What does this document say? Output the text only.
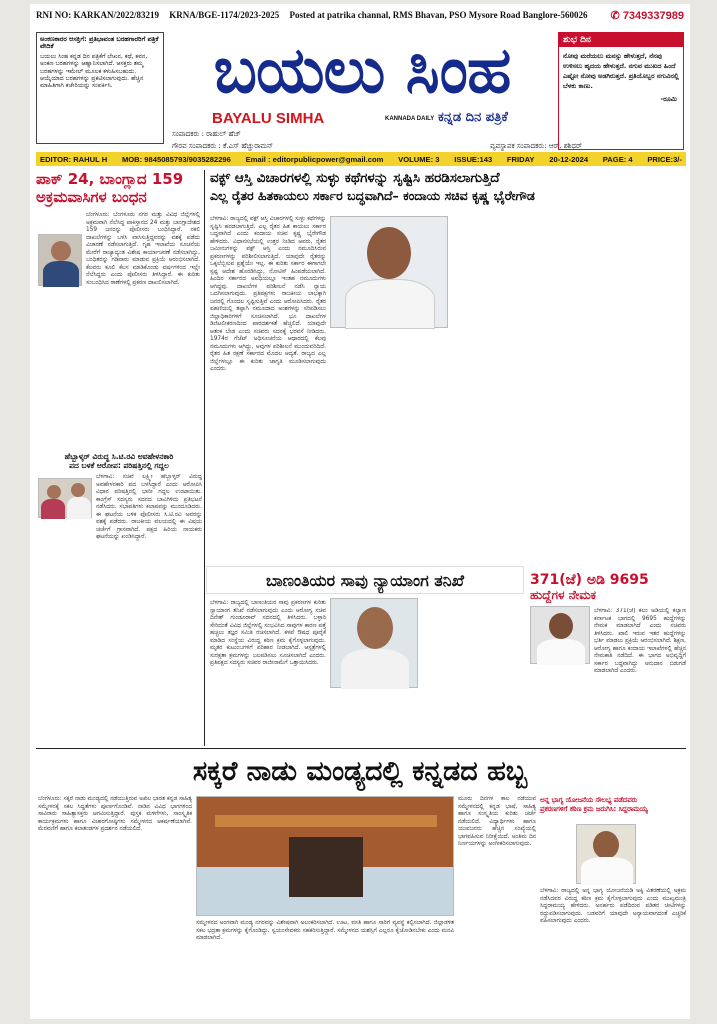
RNI NO: KARKAN/2022/83219 KRNA/BGE-1174/2023-2025 Posted at patrika channal, RMS Bhavan, PSO Mysore Road Banglore-560026	✆ 7349337989
ಅಂಕಣಕಾರರ ಆಸಕ್ತಿಗೆ: ಪ್ರತಿಭಾವಂತ ಬರಹಗಾರರಿಗೆ ಪತ್ರಿಕೆ ವೇದಿಕೆ
ಬಯಲು ಸಿಂಹ ಕನ್ನಡ ದಿನ ಪತ್ರಿಕೆಗೆ ಲೇಖನ, ಕಥೆ, ಕವನ, ಅಂಕಣ ಬರಹಗಳನ್ನು ಆಹ್ವಾನಿಸಲಾಗಿದೆ. ಆಸಕ್ತರು ತಮ್ಮ ಬರಹಗಳನ್ನು ಇಮೇಲ್ ಮೂಲಕ ಕಳುಹಿಸಬಹುದು. ಆಯ್ಕೆಯಾದ ಬರಹಗಳನ್ನು ಪ್ರಕಟಿಸಲಾಗುವುದು. ಹೆಚ್ಚಿನ ಮಾಹಿತಿಗಾಗಿ ಕಚೇರಿಯನ್ನು ಸಂಪರ್ಕಿಸಿ.	ಬಯಲು ಸಿಂಹ
BAYALU SIMHA	KANNADA DAILY ಕನ್ನಡ ದಿನ ಪತ್ರಿಕೆ
ಸಂಪಾದಕರು : ರಾಹುಲ್ ಹೆಚ್
ಗೌರವ ಸಂಪಾದಕರು : ಕೆ.ಎಸ್ ಹೆಚ್ಚುರಾಮನ್	ವ್ಯವಸ್ಥಾಪಕ ಸಂಪಾದಕರು: ಆರ್. ಶಶಿಧರ್
ಶುಭ ದಿನ
ನೋವು ಮರೆಯಲು ಮನಸ್ಸು ಹೇಳುತ್ತದೆ, ನೆನಪು ಉಳಿಸಲು ಹೃದಯ ಹೇಳುತ್ತದೆ. ನಗುವ ಮುಖದ ಹಿಂದೆ ಎಷ್ಟೋ ನೋವು ಅಡಗಿರುತ್ತದೆ. ಪ್ರತಿಯೊಬ್ಬರ ನಗುವಿನಲ್ಲಿ ಬೆಳಕು ಕಾಣು.
-ರೂಮಿ
EDITOR: RAHUL H MOB: 9845085793/9035282296 Email : editorpublicpower@gmail.com VOLUME: 3 ISSUE:143 FRIDAY 20-12-2024 PAGE: 4 PRICE:3/-
ಪಾಕ್ 24, ಬಾಂಗ್ಲಾದ 159
ಅಕ್ರಮವಾಸಿಗಳ ಬಂಧನ
ಬೆಂಗಳೂರು: ಬೆಂಗಳೂರು ನಗರ ಮತ್ತು ವಿವಿಧ ಜಿಲ್ಲೆಗಳಲ್ಲಿ ಅಕ್ರಮವಾಗಿ ನೆಲೆಸಿದ್ದ ಪಾಕಿಸ್ತಾನದ 24 ಮತ್ತು ಬಾಂಗ್ಲಾದೇಶದ 159 ಜನರನ್ನು ಪೊಲೀಸರು ಬಂಧಿಸಿದ್ದಾರೆ. ನಕಲಿ ದಾಖಲೆಗಳನ್ನು ಬಳಸಿ ವಾಸಿಸುತ್ತಿದ್ದವರನ್ನು ವಶಕ್ಕೆ ಪಡೆದು ವಿಚಾರಣೆ ನಡೆಸಲಾಗುತ್ತಿದೆ. ಗೃಹ ಇಲಾಖೆಯ ಸೂಚನೆಯ ಮೇರೆಗೆ ರಾಜ್ಯಾದ್ಯಂತ ವಿಶೇಷ ಕಾರ್ಯಾಚರಣೆ ನಡೆಸಲಾಗಿದ್ದು, ಬಂಧಿತರನ್ನು ಗಡಿಪಾರು ಮಾಡುವ ಪ್ರಕ್ರಿಯೆ ಆರಂಭಿಸಲಾಗಿದೆ. ಕೆಲವರು ಕೂಲಿ ಕೆಲಸ ಮಾಡಿಕೊಂಡು ವರ್ಷಗಳಿಂದ ಇಲ್ಲೇ ನೆಲೆಸಿದ್ದರು ಎಂದು ಪೊಲೀಸರು ತಿಳಿಸಿದ್ದಾರೆ. ಈ ಕುರಿತು ಸಂಬಂಧಿಸಿದ ಠಾಣೆಗಳಲ್ಲಿ ಪ್ರಕರಣ ದಾಖಲಿಸಲಾಗಿದೆ.
ಹೆಬ್ಬಾಳ್ಕರ್ ವಿರುದ್ಧ ಸಿ.ಟಿ.ರವಿ ಅವಹೇಳನಕಾರಿ
ಪದ ಬಳಕೆ ಆರೋಪ: ಪರಿಷತ್ತಿನಲ್ಲಿ ಗದ್ದಲ
ಬೆಳಗಾವಿ: ಸಚಿವೆ ಲಕ್ಷ್ಮೀ ಹೆಬ್ಬಾಳ್ಕರ್ ವಿರುದ್ಧ ಅವಹೇಳನಕಾರಿ ಪದ ಬಳಸಿದ್ದಾರೆ ಎಂದು ಆರೋಪಿಸಿ ವಿಧಾನ ಪರಿಷತ್ತಿನಲ್ಲಿ ಭಾರೀ ಗದ್ದಲ ಉಂಟಾಯಿತು. ಕಾಂಗ್ರೆಸ್ ಸದಸ್ಯರು ಸದನದ ಬಾವಿಗಿಳಿದು ಪ್ರತಿಭಟನೆ ನಡೆಸಿದರು. ಸಭಾಪತಿಗಳು ಕಲಾಪವನ್ನು ಮುಂದೂಡಿದರು. ಈ ಘಟನೆಯ ಬಳಿಕ ಪೊಲೀಸರು ಸಿ.ಟಿ.ರವಿ ಅವರನ್ನು ವಶಕ್ಕೆ ಪಡೆದರು. ರಾಜಕೀಯ ವಲಯದಲ್ಲಿ ಈ ವಿಷಯ ಚರ್ಚೆಗೆ ಗ್ರಾಸವಾಗಿದೆ. ಪಕ್ಷದ ಹಿರಿಯ ನಾಯಕರು ಘಟನೆಯನ್ನು ಖಂಡಿಸಿದ್ದಾರೆ.
ವಕ್ಫ್ ಆಸ್ತಿ ವಿಚಾರಗಳಲ್ಲಿ ಸುಳ್ಳು ಕಥೆಗಳನ್ನು ಸೃಷ್ಟಿಸಿ ಹರಡಿಸಲಾಗುತ್ತಿದೆ
ಎಲ್ಲ ರೈತರ ಹಿತಕಾಯಲು ಸರ್ಕಾರ ಬದ್ಧವಾಗಿದೆ– ಕಂದಾಯ ಸಚಿವ ಕೃಷ್ಣ ಭೈರೇಗೌಡ
ಬೆಳಗಾವಿ: ರಾಜ್ಯದಲ್ಲಿ ವಕ್ಫ್ ಆಸ್ತಿ ವಿಚಾರಗಳಲ್ಲಿ ಸುಳ್ಳು ಕಥೆಗಳನ್ನು ಸೃಷ್ಟಿಸಿ ಹರಡಲಾಗುತ್ತಿದೆ. ಎಲ್ಲ ರೈತರ ಹಿತ ಕಾಯಲು ಸರ್ಕಾರ ಬದ್ಧವಾಗಿದೆ ಎಂದು ಕಂದಾಯ ಸಚಿವ ಕೃಷ್ಣ ಭೈರೇಗೌಡ ಹೇಳಿದರು. ವಿಧಾನಸಭೆಯಲ್ಲಿ ಉತ್ತರ ನೀಡಿದ ಅವರು, ರೈತರ ಜಮೀನುಗಳನ್ನು ವಕ್ಫ್ ಆಸ್ತಿ ಎಂದು ನಮೂದಿಸಿರುವ ಪ್ರಕರಣಗಳನ್ನು ಪರಿಶೀಲಿಸಲಾಗುತ್ತಿದೆ. ಯಾವುದೇ ರೈತರನ್ನು ಒಕ್ಕಲೆಬ್ಬಿಸುವ ಪ್ರಶ್ನೆಯೇ ಇಲ್ಲ. ಈ ಕುರಿತು ಸರ್ಕಾರ ಈಗಾಗಲೇ ಸ್ಪಷ್ಟ ಆದೇಶ ಹೊರಡಿಸಿದ್ದು, ನೋಟಿಸ್ ಹಿಂಪಡೆಯಲಾಗಿದೆ. ಹಿಂದಿನ ಸರ್ಕಾರದ ಅವಧಿಯಲ್ಲೂ ಇಂತಹ ನಮೂದುಗಳು ಆಗಿದ್ದವು. ದಾಖಲೆಗಳ ಪರಿಶೀಲನೆ ನಡೆಸಿ ನ್ಯಾಯ ಒದಗಿಸಲಾಗುವುದು. ಪ್ರತಿಪಕ್ಷಗಳು ರಾಜಕೀಯ ಲಾಭಕ್ಕಾಗಿ ಜನರಲ್ಲಿ ಗೊಂದಲ ಸೃಷ್ಟಿಸುತ್ತಿವೆ ಎಂದು ಆರೋಪಿಸಿದರು. ರೈತರ ಪಹಣಿಯಲ್ಲಿ ತಪ್ಪಾಗಿ ನಮೂದಾದ ಅಂಶಗಳನ್ನು ಸರಿಪಡಿಸಲು ಜಿಲ್ಲಾಧಿಕಾರಿಗಳಿಗೆ ಸೂಚಿಸಲಾಗಿದೆ. ಭೂ ದಾಖಲೆಗಳ ಡಿಜಿಟಲೀಕರಣದಿಂದ ಪಾರದರ್ಶಕತೆ ಹೆಚ್ಚಲಿದೆ. ಯಾವುದೇ ಆತಂಕ ಬೇಡ ಎಂದು ಸಚಿವರು ಸದನಕ್ಕೆ ಭರವಸೆ ನೀಡಿದರು. 1974ರ ಗೆಜೆಟ್ ಅಧಿಸೂಚನೆಯ ಆಧಾರದಲ್ಲಿ ಕೆಲವು ನಮೂದುಗಳು ಆಗಿದ್ದು, ಅವುಗಳ ಪರಿಶೀಲನೆ ಮುಂದುವರಿದಿದೆ. ರೈತರ ಹಿತ ರಕ್ಷಣೆ ಸರ್ಕಾರದ ಮೊದಲ ಆದ್ಯತೆ. ರಾಜ್ಯದ ಎಲ್ಲ ಜಿಲ್ಲೆಗಳಲ್ಲೂ ಈ ಕುರಿತು ಜಾಗೃತಿ ಮೂಡಿಸಲಾಗುವುದು ಎಂದರು.
ಬಾಣಂತಿಯರ ಸಾವು ನ್ಯಾಯಾಂಗ ತನಿಖೆ
ಬೆಳಗಾವಿ: ರಾಜ್ಯದಲ್ಲಿ ಬಾಣಂತಿಯರ ಸಾವು ಪ್ರಕರಣಗಳ ಕುರಿತು ನ್ಯಾಯಾಂಗ ತನಿಖೆ ನಡೆಸಲಾಗುವುದು ಎಂದು ಆರೋಗ್ಯ ಸಚಿವ ದಿನೇಶ್ ಗುಂಡೂರಾವ್ ಸದನದಲ್ಲಿ ತಿಳಿಸಿದರು. ಬಳ್ಳಾರಿ ಸೇರಿದಂತೆ ವಿವಿಧ ಜಿಲ್ಲೆಗಳಲ್ಲಿ ಸಂಭವಿಸಿದ ಸಾವುಗಳ ಕಾರಣ ಪತ್ತೆ ಹಚ್ಚಲು ತಜ್ಞರ ಸಮಿತಿ ರಚಿಸಲಾಗಿದೆ. ಕಳಪೆ ಔಷಧ ಪೂರೈಕೆ ಮಾಡಿದ ಸಂಸ್ಥೆಯ ವಿರುದ್ಧ ಕಠಿಣ ಕ್ರಮ ಕೈಗೊಳ್ಳಲಾಗುವುದು. ಮೃತರ ಕುಟುಂಬಗಳಿಗೆ ಪರಿಹಾರ ನೀಡಲಾಗಿದೆ. ಆಸ್ಪತ್ರೆಗಳಲ್ಲಿ ಸುರಕ್ಷತಾ ಕ್ರಮಗಳನ್ನು ಬಲಪಡಿಸಲು ಸೂಚಿಸಲಾಗಿದೆ ಎಂದರು. ಪ್ರತಿಪಕ್ಷದ ಸದಸ್ಯರು ಸಚಿವರ ರಾಜೀನಾಮೆಗೆ ಒತ್ತಾಯಿಸಿದರು.
371(ಜೆ) ಅಡಿ 9695
ಹುದ್ದೆಗಳ ನೇಮಕ
ಬೆಳಗಾವಿ: 371(ಜೆ) ಕಲಂ ಅಡಿಯಲ್ಲಿ ಕಲ್ಯಾಣ ಕರ್ನಾಟಕ ಭಾಗದಲ್ಲಿ 9695 ಹುದ್ದೆಗಳನ್ನು ನೇಮಕ ಮಾಡಲಾಗಿದೆ ಎಂದು ಸಚಿವರು ತಿಳಿಸಿದರು. ಖಾಲಿ ಇರುವ ಇತರ ಹುದ್ದೆಗಳನ್ನು ಭರ್ತಿ ಮಾಡಲು ಪ್ರಕ್ರಿಯೆ ಆರಂಭಿಸಲಾಗಿದೆ. ಶಿಕ್ಷಣ, ಆರೋಗ್ಯ ಹಾಗೂ ಕಂದಾಯ ಇಲಾಖೆಗಳಲ್ಲಿ ಹೆಚ್ಚಿನ ನೇಮಕಾತಿ ನಡೆದಿದೆ. ಈ ಭಾಗದ ಅಭಿವೃದ್ಧಿಗೆ ಸರ್ಕಾರ ಬದ್ಧವಾಗಿದ್ದು ಅನುದಾನ ಬಿಡುಗಡೆ ಮಾಡಲಾಗಿದೆ ಎಂದರು.
ಸಕ್ಕರೆ ನಾಡು ಮಂಡ್ಯದಲ್ಲಿ ಕನ್ನಡದ ಹಬ್ಬ
ಬೆಂಗಳೂರು: ಸಕ್ಕರೆ ನಾಡು ಮಂಡ್ಯದಲ್ಲಿ ನಡೆಯುತ್ತಿರುವ ಅಖಿಲ ಭಾರತ ಕನ್ನಡ ಸಾಹಿತ್ಯ ಸಮ್ಮೇಳನಕ್ಕೆ ಸಕಲ ಸಿದ್ಧತೆಗಳು ಪೂರ್ಣಗೊಂಡಿವೆ. ನಾಡಿನ ವಿವಿಧ ಭಾಗಗಳಿಂದ ಸಾವಿರಾರು ಸಾಹಿತ್ಯಾಸಕ್ತರು ಆಗಮಿಸುತ್ತಿದ್ದಾರೆ. ಪುಸ್ತಕ ಮಳಿಗೆಗಳು, ಸಾಂಸ್ಕೃತಿಕ ಕಾರ್ಯಕ್ರಮಗಳು ಹಾಗೂ ವಿಚಾರಗೋಷ್ಠಿಗಳು ಸಮ್ಮೇಳನದ ಆಕರ್ಷಣೆಯಾಗಿವೆ. ಮೆರವಣಿಗೆ ಹಾಗೂ ಕಲಾತಂಡಗಳ ಪ್ರದರ್ಶನ ನಡೆಯಲಿದೆ.
ಸಮ್ಮೇಳನದ ಅಂಗವಾಗಿ ಮಂಡ್ಯ ನಗರವನ್ನು ವಿಶೇಷವಾಗಿ ಅಲಂಕರಿಸಲಾಗಿದೆ. ಊಟ, ವಸತಿ ಹಾಗೂ ಸಾರಿಗೆ ವ್ಯವಸ್ಥೆ ಕಲ್ಪಿಸಲಾಗಿದೆ. ಜಿಲ್ಲಾಡಳಿತ ಸಕಲ ಭದ್ರತಾ ಕ್ರಮಗಳನ್ನು ಕೈಗೊಂಡಿದ್ದು, ಸ್ವಯಂಸೇವಕರು ಸಹಕರಿಸುತ್ತಿದ್ದಾರೆ. ಸಮ್ಮೇಳನದ ಯಶಸ್ಸಿಗೆ ಎಲ್ಲರೂ ಕೈಜೋಡಿಸಬೇಕು ಎಂದು ಮನವಿ ಮಾಡಲಾಗಿದೆ.
ಮೂರು ದಿನಗಳ ಕಾಲ ನಡೆಯುವ ಸಮ್ಮೇಳನದಲ್ಲಿ ಕನ್ನಡ ಭಾಷೆ, ಸಾಹಿತ್ಯ ಹಾಗೂ ಸಂಸ್ಕೃತಿಯ ಕುರಿತು ಚರ್ಚೆ ನಡೆಯಲಿದೆ. ವಿದ್ಯಾರ್ಥಿಗಳು ಹಾಗೂ ಯುವಜನರು ಹೆಚ್ಚಿನ ಸಂಖ್ಯೆಯಲ್ಲಿ ಭಾಗವಹಿಸುವ ನಿರೀಕ್ಷೆಯಿದೆ. ಅಂತಿಮ ದಿನ ನಿರ್ಣಯಗಳನ್ನು ಅಂಗೀಕರಿಸಲಾಗುವುದು.
ಅನ್ನ ಭಾಗ್ಯ ಯೋಜನೆಯ ಸೌಲಭ್ಯ ಪಡೆದವರು
ಪ್ರಕರಣಗಳಿಗೆ ಕಠಿಣ ಕ್ರಮ ಜರುಗಿಸಿ: ಸಿದ್ದರಾಮಯ್ಯ
ಬೆಳಗಾವಿ: ರಾಜ್ಯದಲ್ಲಿ ಅನ್ನ ಭಾಗ್ಯ ಯೋಜನೆಯಡಿ ಅಕ್ಕಿ ವಿತರಣೆಯಲ್ಲಿ ಅಕ್ರಮ ನಡೆಸಿದವರ ವಿರುದ್ಧ ಕಠಿಣ ಕ್ರಮ ಕೈಗೊಳ್ಳಲಾಗುವುದು ಎಂದು ಮುಖ್ಯಮಂತ್ರಿ ಸಿದ್ದರಾಮಯ್ಯ ಹೇಳಿದರು. ಅನರ್ಹರು ಪಡೆದಿರುವ ಪಡಿತರ ಚೀಟಿಗಳನ್ನು ರದ್ದುಪಡಿಸಲಾಗುವುದು. ಬಡವರಿಗೆ ಯಾವುದೇ ಅನ್ಯಾಯವಾಗದಂತೆ ಎಚ್ಚರಿಕೆ ವಹಿಸಲಾಗುವುದು ಎಂದರು.
